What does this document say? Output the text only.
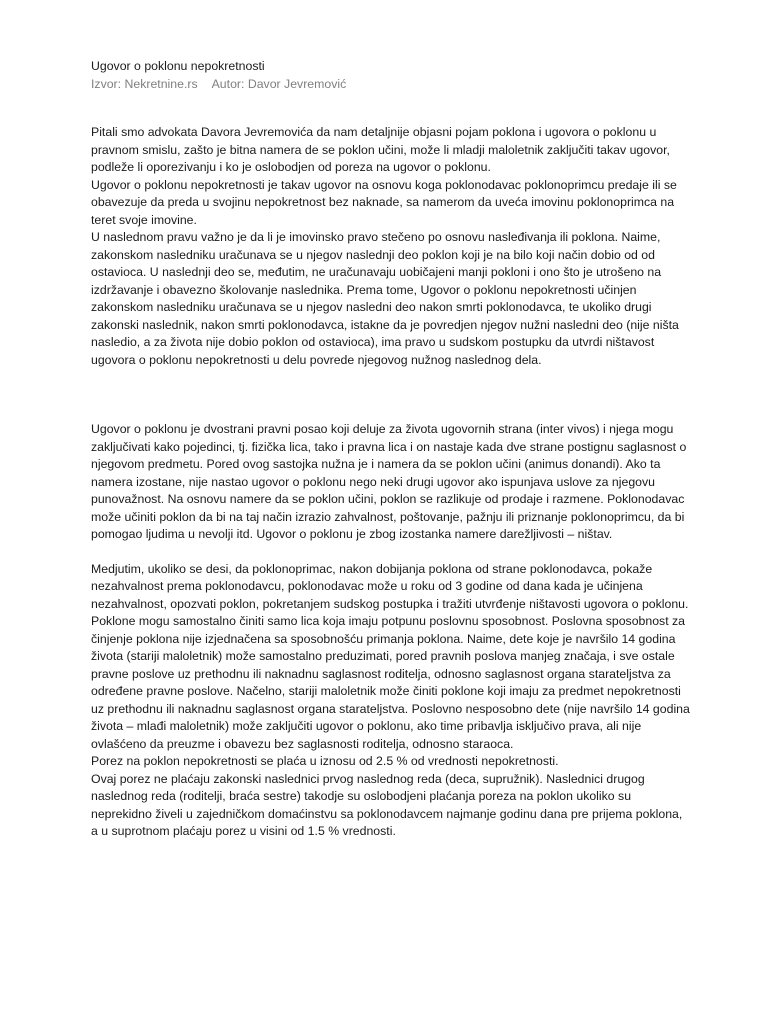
Ugovor o poklonu nepokretnosti
Izvor: Nekretnine.rs Autor: Davor Jevremović

Pitali smo advokata Davora Jevremovića da nam detaljnije objasni pojam poklona i ugovora o poklonu u pravnom smislu, zašto je bitna namera de se poklon učini, može li mladji maloletnik zaključiti takav ugovor, podleže li oporezivanju i ko je oslobodjen od poreza na ugovor o poklonu.

Ugovor o poklonu nepokretnosti je takav ugovor na osnovu koga poklonodavac poklonoprimcu predaje ili se obavezuje da preda u svojinu nepokretnost bez naknade, sa namerom da uveća imovinu poklonoprimca na teret svoje imovine.

U naslednom pravu važno je da li je imovinsko pravo stečeno po osnovu nasleđivanja ili poklona. Naime, zakonskom nasledniku uračunava se u njegov naslednji deo poklon koji je na bilo koji način dobio od od ostavioca. U naslednji deo se, međutim, ne uračunavaju uobičajeni manji pokloni i ono što je utrošeno na izdržavanje i obavezno školovanje naslednika. Prema tome, Ugovor o poklonu nepokretnosti učinjen zakonskom nasledniku uračunava se u njegov nasledni deo nakon smrti poklonodavca, te ukoliko drugi zakonski naslednik, nakon smrti poklonodavca, istakne da je povredjen njegov nužni nasledni deo (nije ništa nasledio, a za života nije dobio poklon od ostavioca), ima pravo u sudskom postupku da utvrdi ništavost ugovora o poklonu nepokretnosti u delu povrede njegovog nužnog naslednog dela.

Ugovor o poklonu je dvostrani pravni posao koji deluje za života ugovornih strana (inter vivos) i njega mogu zaključivati kako pojedinci, tj. fizička lica, tako i pravna lica i on nastaje kada dve strane postignu saglasnost o njegovom predmetu. Pored ovog sastojka nužna je i namera da se poklon učini (animus donandi). Ako ta namera izostane, nije nastao ugovor o poklonu nego neki drugi ugovor ako ispunjava uslove za njegovu punovažnost. Na osnovu namere da se poklon učini, poklon se razlikuje od prodaje i razmene. Poklonodavac može učiniti poklon da bi na taj način izrazio zahvalnost, poštovanje, pažnju ili priznanje poklonoprimcu, da bi pomogao ljudima u nevolji itd. Ugovor o poklonu je zbog izostanka namere darežljivosti – ništav.

Medjutim, ukoliko se desi, da poklonoprimac, nakon dobijanja poklona od strane poklonodavca, pokaže nezahvalnost prema poklonodavcu, poklonodavac može u roku od 3 godine od dana kada je učinjena nezahvalnost, opozvati poklon, pokretanjem sudskog postupka i tražiti utvrđenje ništavosti ugovora o poklonu.

Poklone mogu samostalno činiti samo lica koja imaju potpunu poslovnu sposobnost. Poslovna sposobnost za činjenje poklona nije izjednačena sa sposobnošću primanja poklona. Naime, dete koje je navršilo 14 godina života (stariji maloletnik) može samostalno preduzimati, pored pravnih poslova manjeg značaja, i sve ostale pravne poslove uz prethodnu ili naknadnu saglasnost roditelja, odnosno saglasnost organa starateljstva za određene pravne poslove. Načelno, stariji maloletnik može činiti poklone koji imaju za predmet nepokretnosti uz prethodnu ili naknadnu saglasnost organa starateljstva. Poslovno nesposobno dete (nije navršilo 14 godina života – mlađi maloletnik) može zaključiti ugovor o poklonu, ako time pribavlja isključivo prava, ali nije ovlašćeno da preuzme i obavezu bez saglasnosti roditelja, odnosno staraoca.

Porez na poklon nepokretnosti se plaća u iznosu od 2.5 % od vrednosti nepokretnosti.

Ovaj porez ne plaćaju zakonski naslednici prvog naslednog reda (deca, supružnik). Naslednici drugog naslednog reda (roditelji, braća sestre) takodje su oslobodjeni plaćanja poreza na poklon ukoliko su neprekidno živeli u zajedničkom domaćinstvu sa poklonodavcem najmanje godinu dana pre prijema poklona, a u suprotnom plaćaju porez u visini od 1.5 % vrednosti.
